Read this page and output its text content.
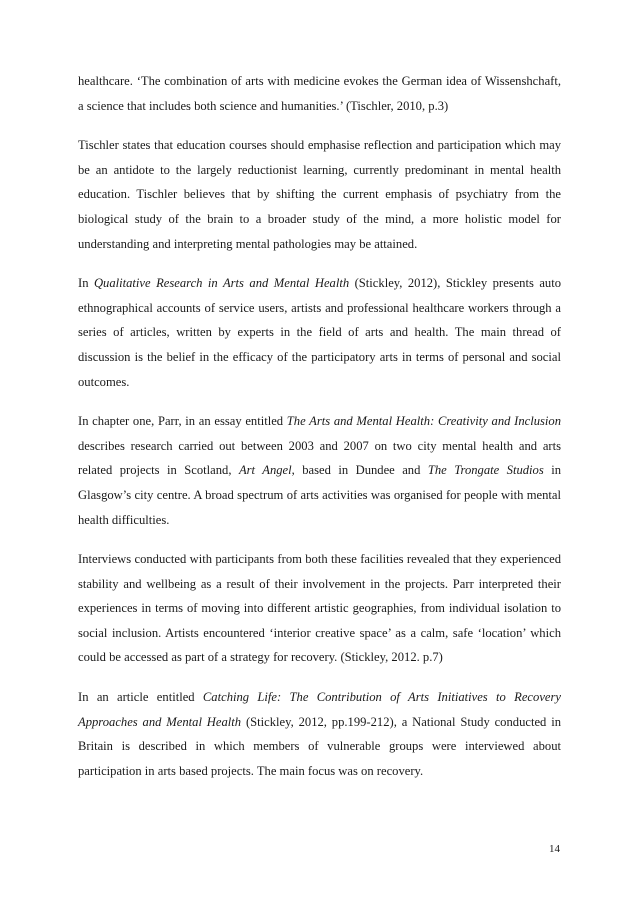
healthcare. ‘The combination of arts with medicine evokes the German idea of Wissenshchaft, a science that includes both science and humanities.’ (Tischler, 2010, p.3)

Tischler states that education courses should emphasise reflection and participation which may be an antidote to the largely reductionist learning, currently predominant in mental health education. Tischler believes that by shifting the current emphasis of psychiatry from the biological study of the brain to a broader study of the mind, a more holistic model for understanding and interpreting mental pathologies may be attained.

In Qualitative Research in Arts and Mental Health (Stickley, 2012), Stickley presents auto ethnographical accounts of service users, artists and professional healthcare workers through a series of articles, written by experts in the field of arts and health. The main thread of discussion is the belief in the efficacy of the participatory arts in terms of personal and social outcomes.

In chapter one, Parr, in an essay entitled The Arts and Mental Health: Creativity and Inclusion describes research carried out between 2003 and 2007 on two city mental health and arts related projects in Scotland, Art Angel, based in Dundee and The Trongate Studios in Glasgow’s city centre. A broad spectrum of arts activities was organised for people with mental health difficulties.

Interviews conducted with participants from both these facilities revealed that they experienced stability and wellbeing as a result of their involvement in the projects. Parr interpreted their experiences in terms of moving into different artistic geographies, from individual isolation to social inclusion. Artists encountered ‘interior creative space’ as a calm, safe ‘location’ which could be accessed as part of a strategy for recovery. (Stickley, 2012. p.7)

In an article entitled Catching Life: The Contribution of Arts Initiatives to Recovery Approaches and Mental Health (Stickley, 2012, pp.199-212), a National Study conducted in Britain is described in which members of vulnerable groups were interviewed about participation in arts based projects. The main focus was on recovery.

14
